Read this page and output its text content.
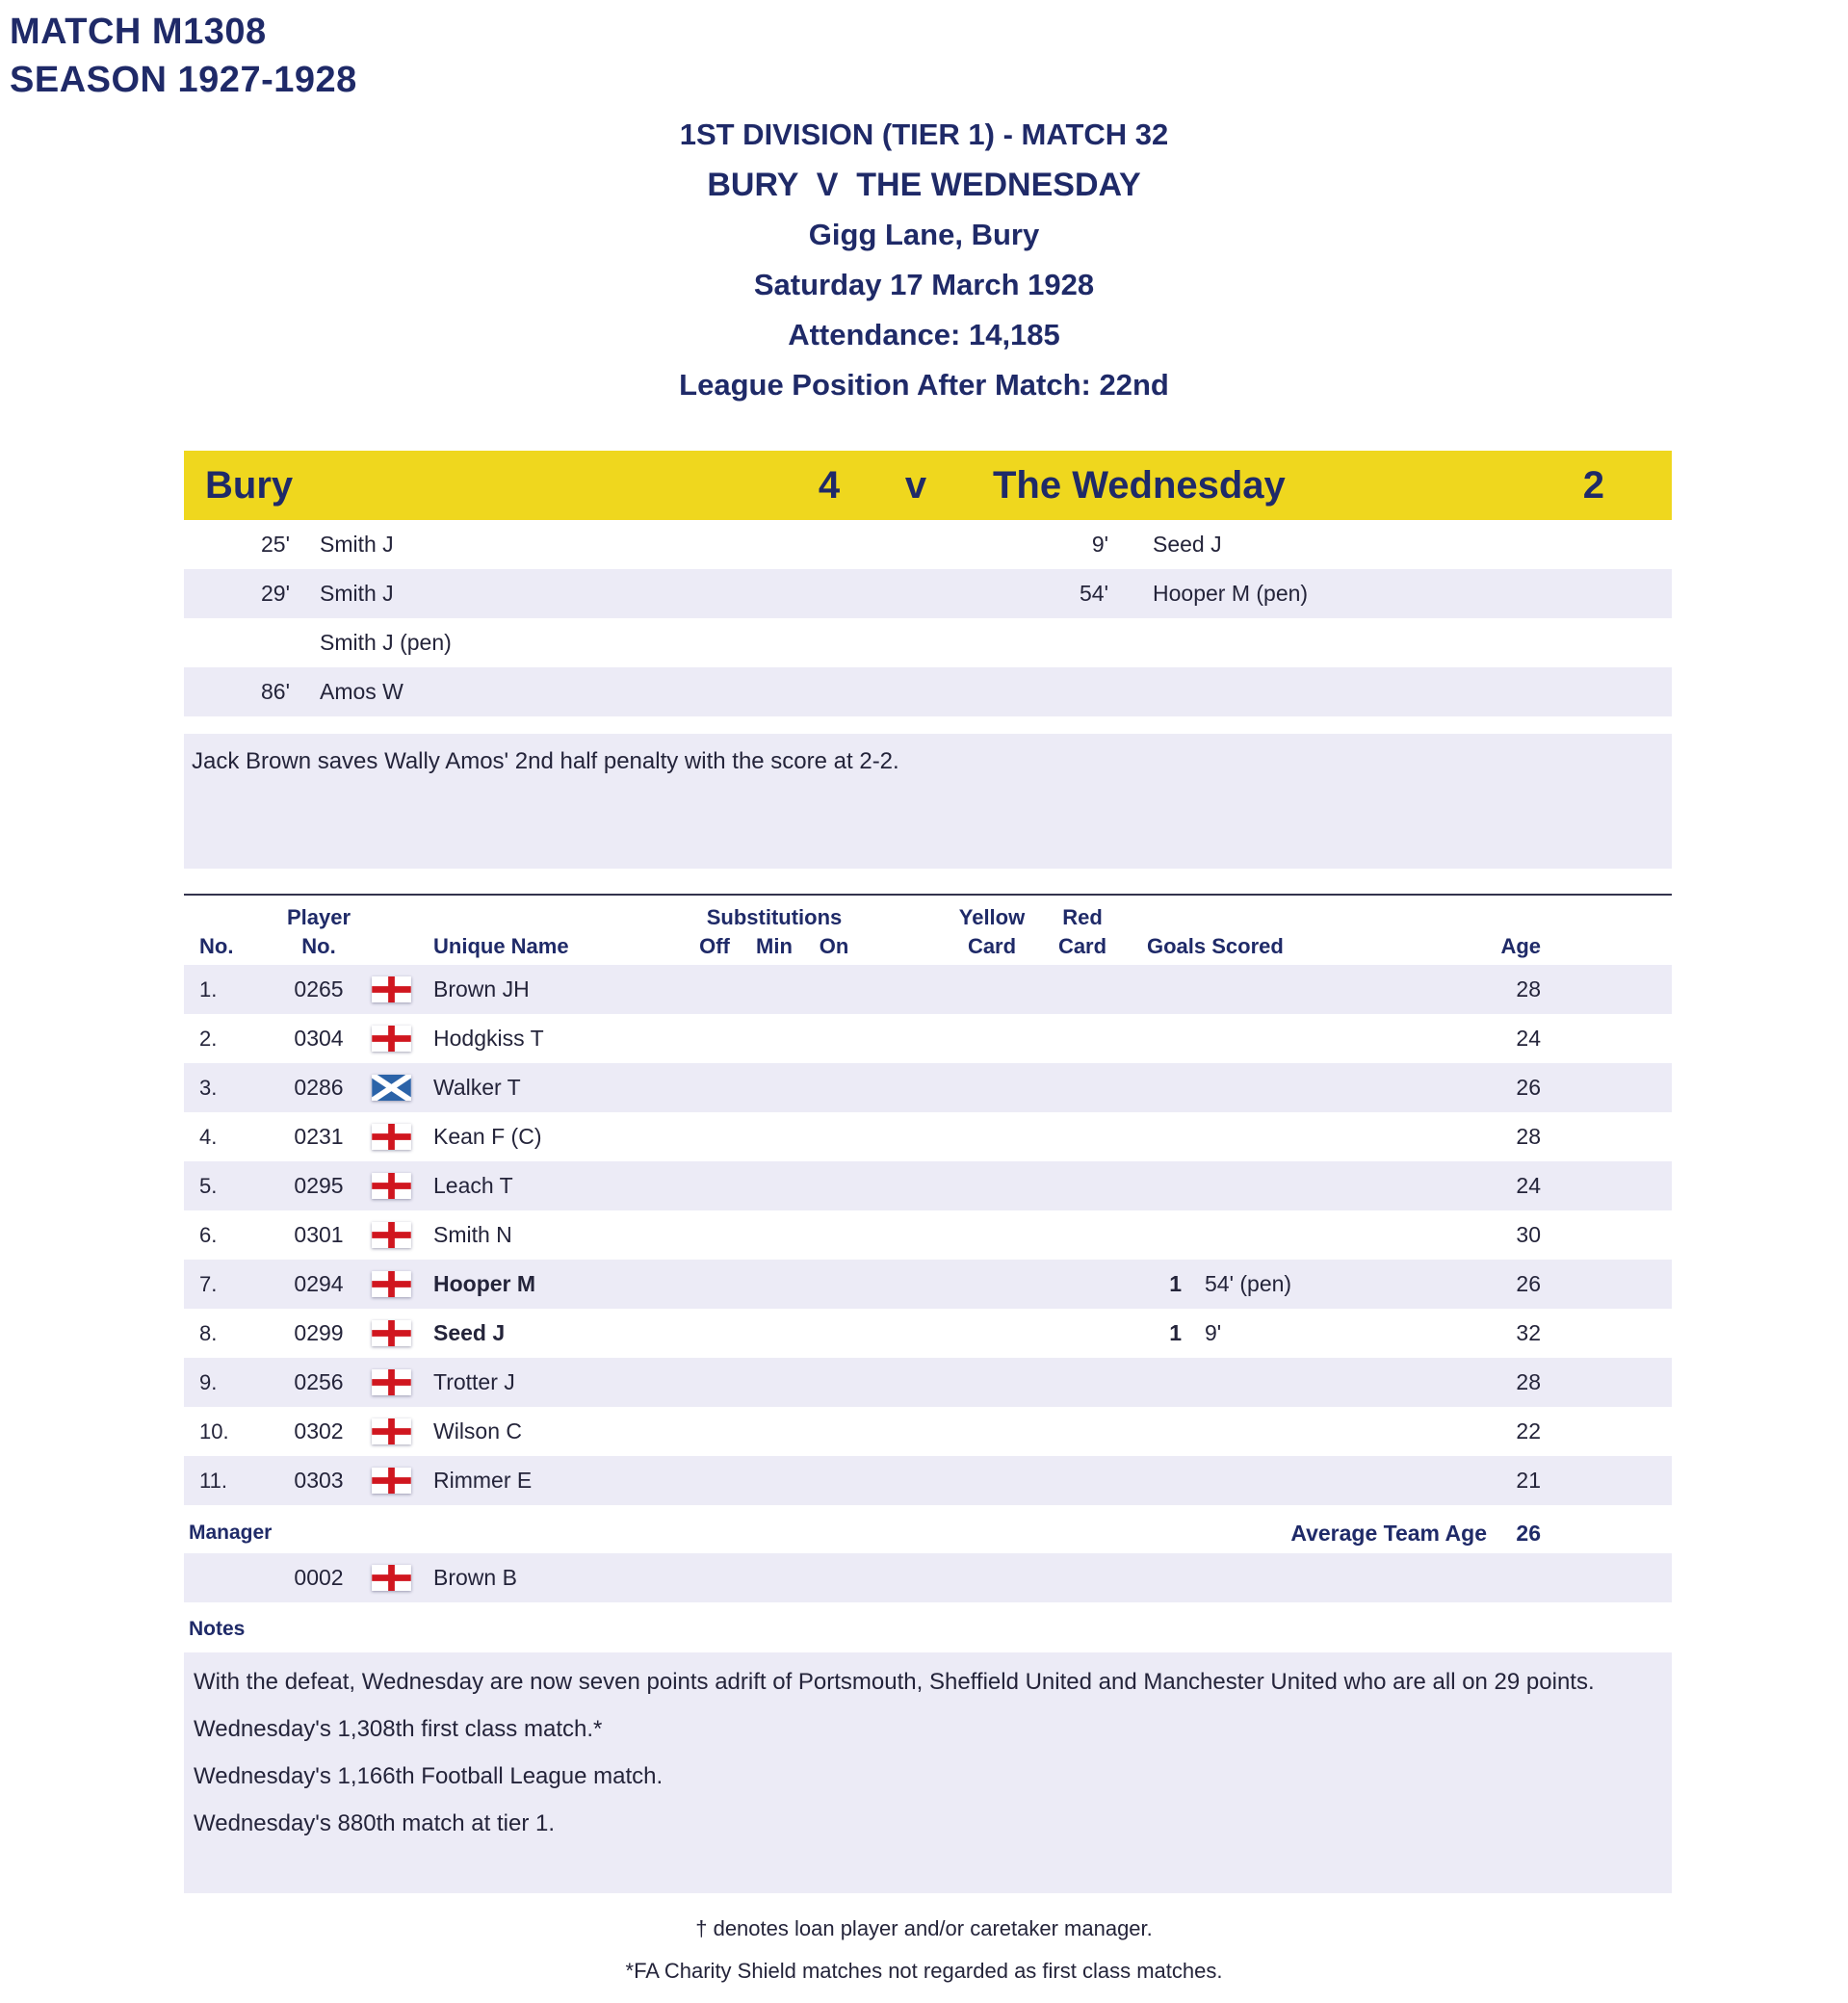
MATCH M1308
SEASON 1927-1928
1ST DIVISION (TIER 1) - MATCH 32
BURY  V  THE WEDNESDAY
Gigg Lane, Bury
Saturday 17 March 1928
Attendance: 14,185
League Position After Match: 22nd
Bury	4	v	The Wednesday	2
25'	Smith J	9'	Seed J
29'	Smith J	54'	Hooper M (pen)
Smith J (pen)
86'	Amos W
Jack Brown saves Wally Amos' 2nd half penalty with the score at 2-2.
Player	Substitutions	Yellow	Red
No.	No.	Unique Name	Off	Min	On	Card	Card	Goals Scored	Age
1.	0265	Brown JH	28
2.	0304	Hodgkiss T	24
3.	0286	Walker T	26
4.	0231	Kean F (C)	28
5.	0295	Leach T	24
6.	0301	Smith N	30
7.	0294	Hooper M	1 54' (pen)	26
8.	0299	Seed J	1 9'	32
9.	0256	Trotter J	28
10.	0302	Wilson C	22
11.	0303	Rimmer E	21
Manager	Average Team Age	26
0002	Brown B
Notes

With the defeat, Wednesday are now seven points adrift of Portsmouth, Sheffield United and Manchester United who are all on 29 points.

Wednesday's 1,308th first class match.*

Wednesday's 1,166th Football League match.

Wednesday's 880th match at tier 1.

† denotes loan player and/or caretaker manager.
*FA Charity Shield matches not regarded as first class matches.
